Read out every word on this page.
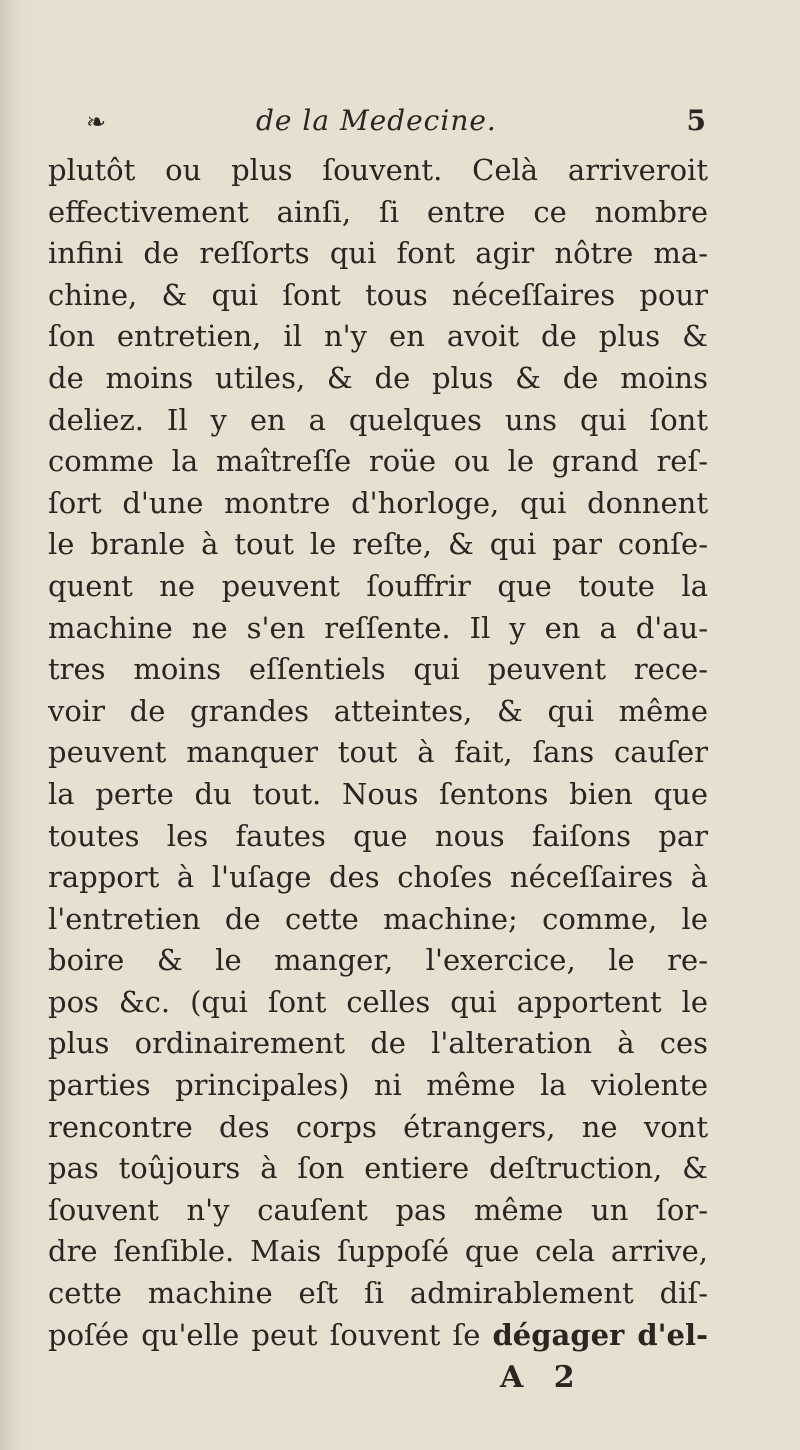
❧	de la Medecine.	5
plutôt ou plus ſouvent. Celà arriveroit
effectivement ainſi, ſi entre ce nombre
infini de reſſorts qui font agir nôtre ma-
chine, & qui ſont tous néceſſaires pour
ſon entretien, il n'y en avoit de plus &
de moins utiles, & de plus & de moins
deliez. Il y en a quelques uns qui ſont
comme la maîtreſſe roüe ou le grand reſ-
ſort d'une montre d'horloge, qui donnent
le branle à tout le reſte, & qui par conſe-
quent ne peuvent ſouffrir que toute la
machine ne s'en reſſente. Il y en a d'au-
tres moins eſſentiels qui peuvent rece-
voir de grandes atteintes, & qui même
peuvent manquer tout à fait, ſans cauſer
la perte du tout. Nous ſentons bien que
toutes les fautes que nous faiſons par
rapport à l'uſage des choſes néceſſaires à
l'entretien de cette machine; comme, le
boire & le manger, l'exercice, le re-
pos &c. (qui ſont celles qui apportent le
plus ordinairement de l'alteration à ces
parties principales) ni même la violente
rencontre des corps étrangers, ne vont
pas toûjours à ſon entiere deſtruction, &
ſouvent n'y cauſent pas même un ſor-
dre ſenſible. Mais ſuppoſé que cela arrive,
cette machine eſt ſi admirablement diſ-
poſée qu'elle peut ſouvent ſe dégager d'el-
A 2
